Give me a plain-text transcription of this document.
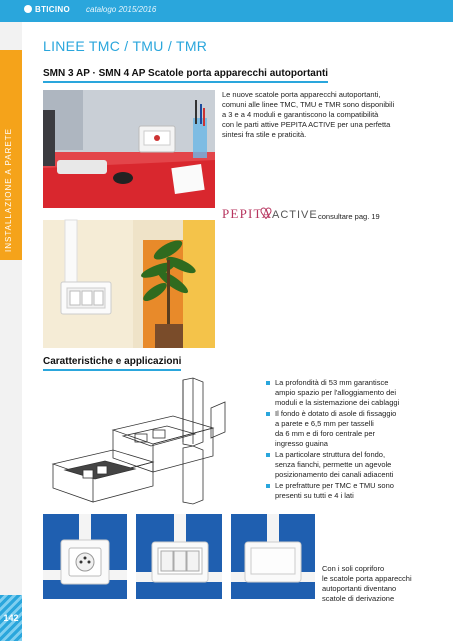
BTICINO catalogo 2015/2016
INSTALLAZIONE A PARETE
142
LINEE TMC / TMU / TMR
SMN 3 AP · SMN 4 AP Scatole porta apparecchi autoportanti
Le nuove scatole porta apparecchi autoportanti,
comuni alle linee TMC, TMU e TMR sono disponibili
a 3 e a 4 moduli e garantiscono la compatibilità
con le parti attive PEPITA ACTIVE per una perfetta
sintesi fra stile e praticità.
PEPITA ACTIVE consultare pag. 19
Caratteristiche e applicazioni
La profondità di 53 mm garantisce
ampio spazio per l'alloggiamento dei
moduli e la sistemazione dei cablaggi
Il fondo è dotato di asole di fissaggio
a parete e 6,5 mm per tasselli
da 6 mm e di foro centrale per
ingresso guaina
La particolare struttura del fondo,
senza fianchi, permette un agevole
posizionamento dei canali adiacenti
Le prefratture per TMC e TMU sono
presenti su tutti e 4 i lati
Con i soli copriforo
le scatole porta apparecchi
autoportanti diventano
scatole di derivazione
